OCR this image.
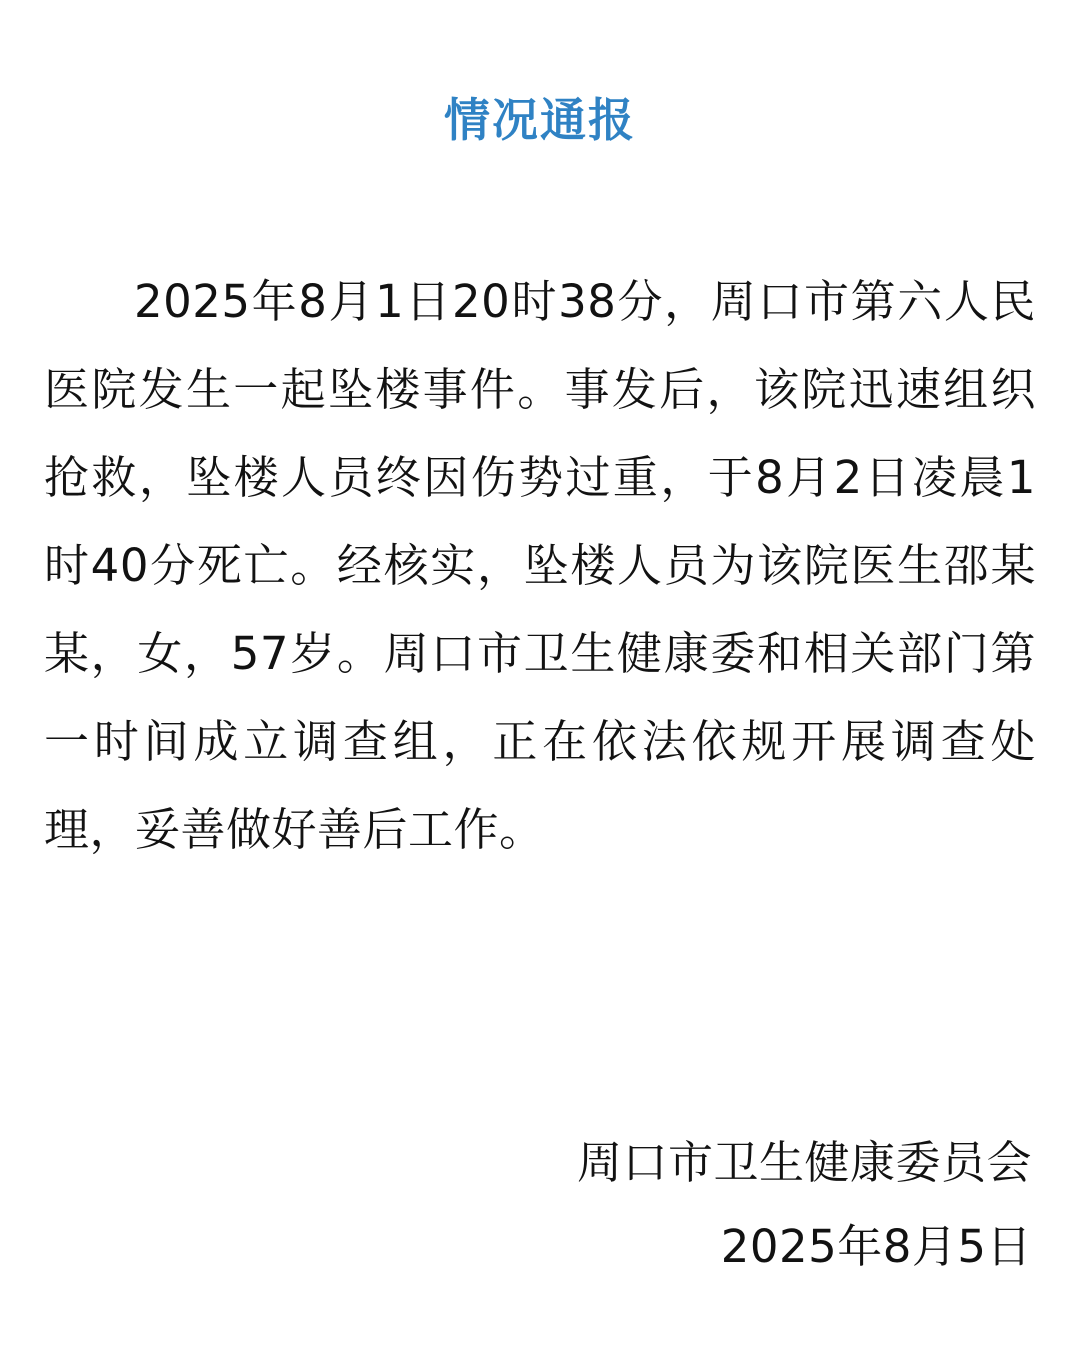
情况通报

2025年8月1日20时38分，周口市第六人民医院发生一起坠楼事件。事发后，该院迅速组织抢救，坠楼人员终因伤势过重，于8月2日凌晨1时40分死亡。经核实，坠楼人员为该院医生邵某某，女，57岁。周口市卫生健康委和相关部门第一时间成立调查组，正在依法依规开展调查处理，妥善做好善后工作。

周口市卫生健康委员会
2025年8月5日
